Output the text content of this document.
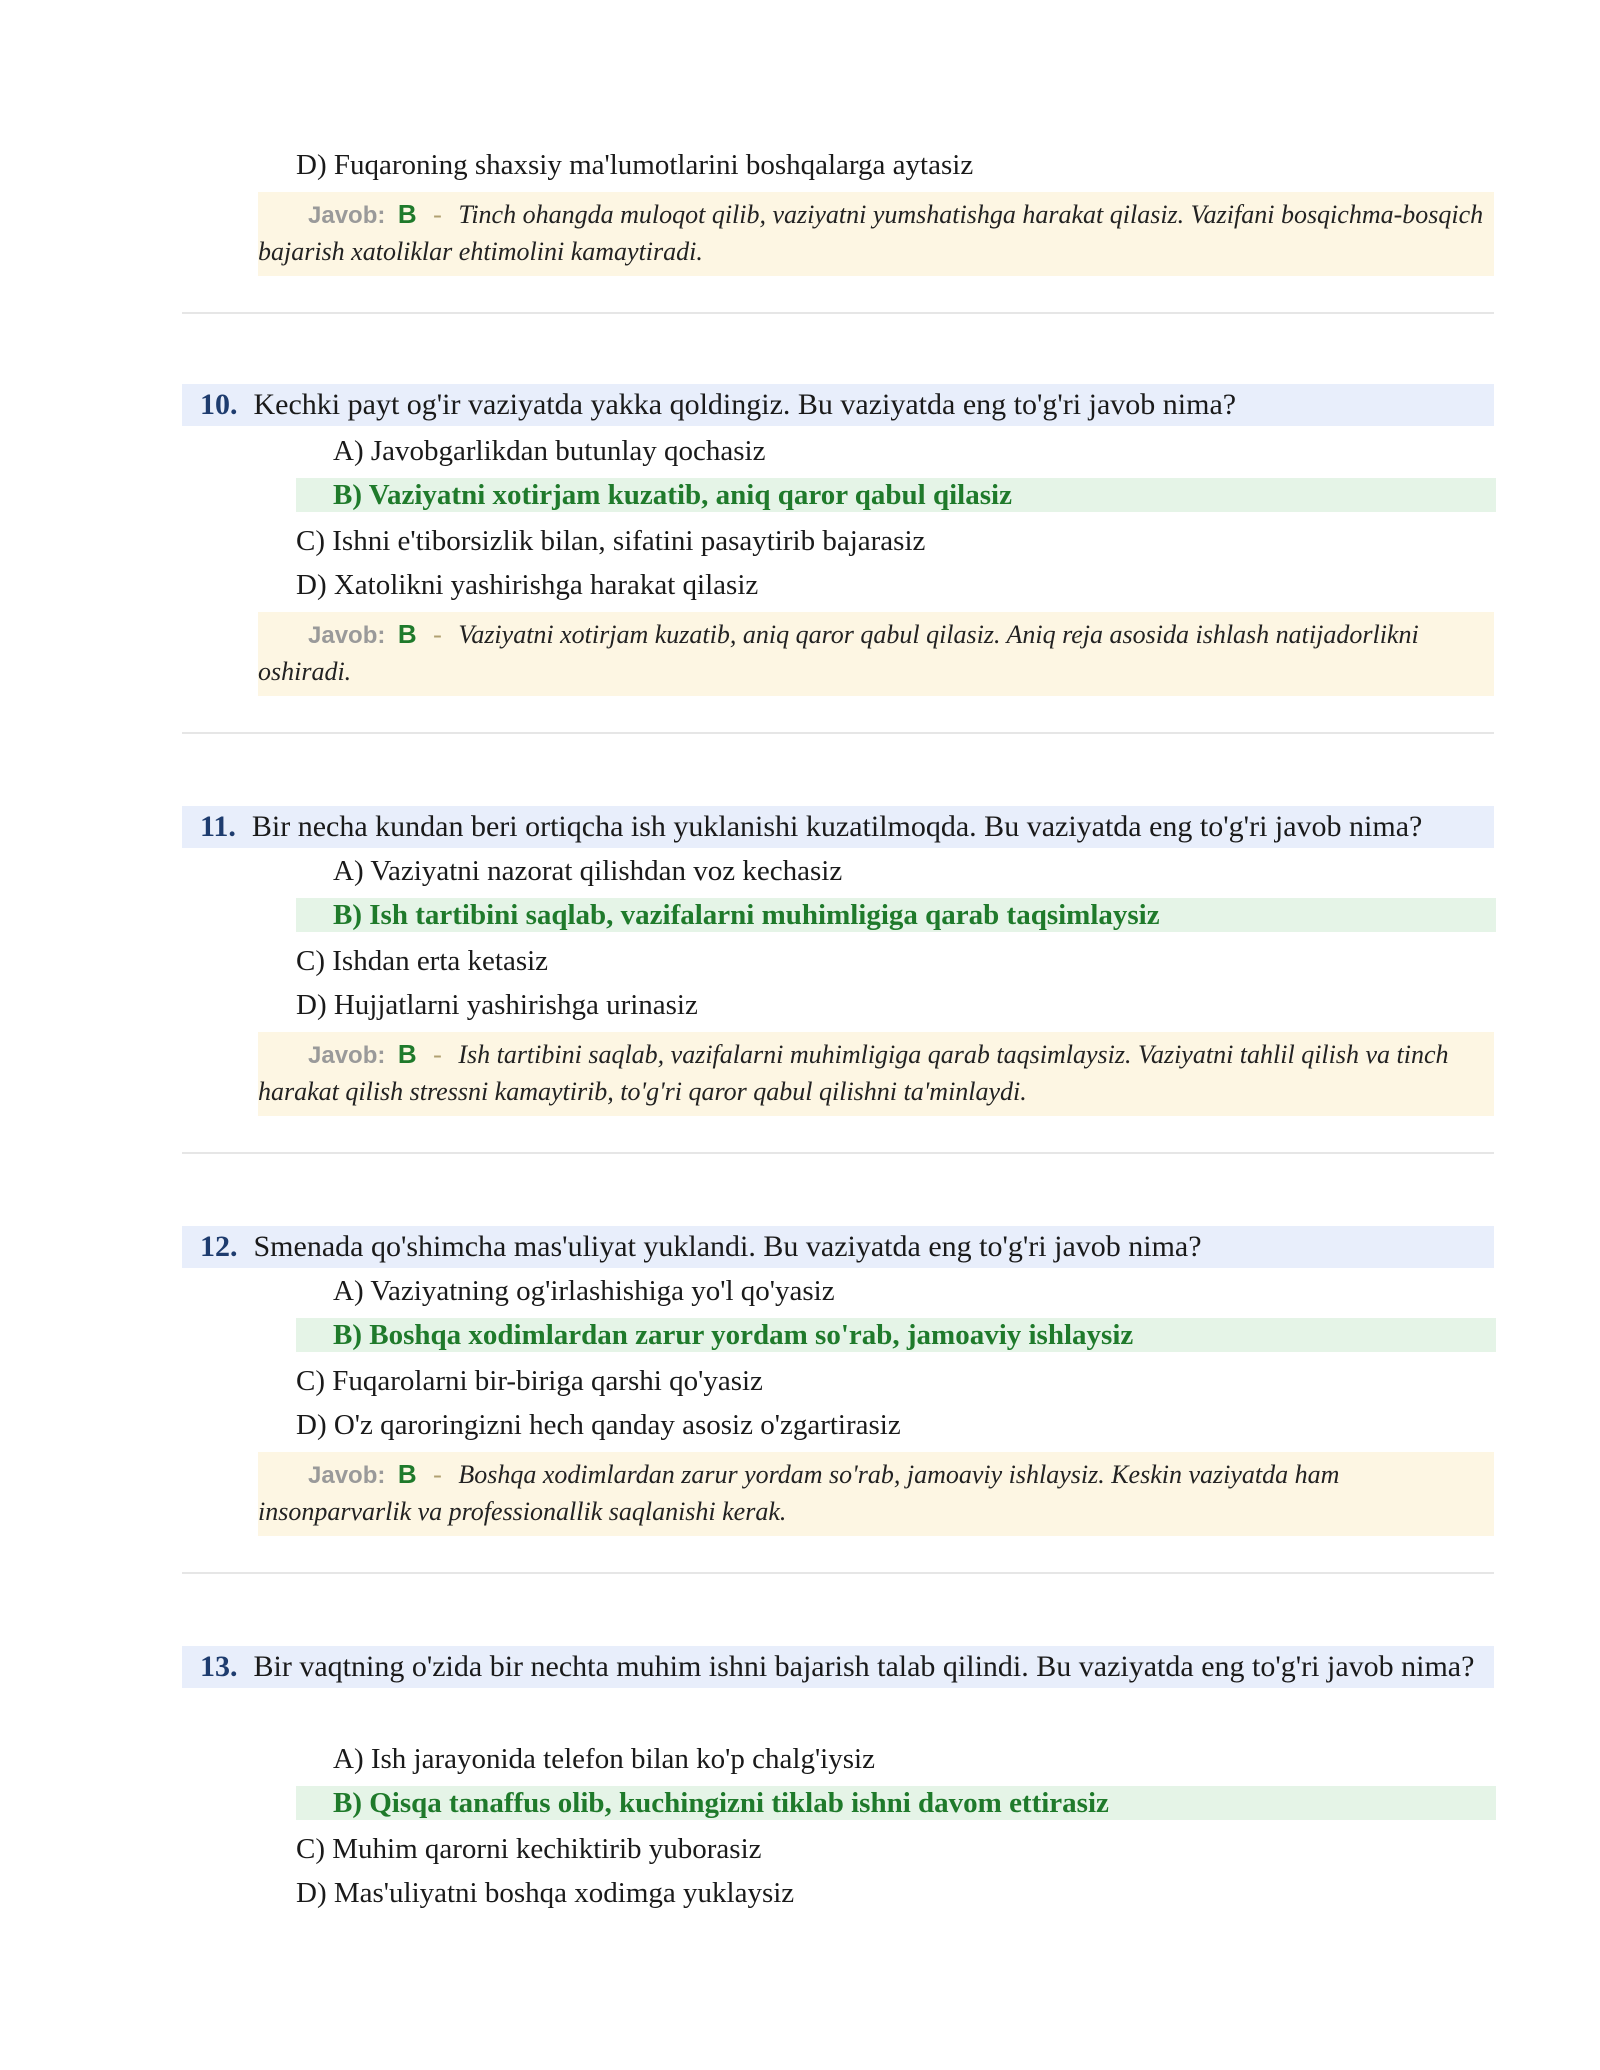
D) Fuqaroning shaxsiy ma'lumotlarini boshqalarga aytasiz
Javob: B - Tinch ohangda muloqot qilib, vaziyatni yumshatishga harakat qilasiz. Vazifani bosqichma-bosqich bajarish xatoliklar ehtimolini kamaytiradi.
10. Kechki payt og'ir vaziyatda yakka qoldingiz. Bu vaziyatda eng to'g'ri javob nima?
A) Javobgarlikdan butunlay qochasiz
B) Vaziyatni xotirjam kuzatib, aniq qaror qabul qilasiz
C) Ishni e'tiborsizlik bilan, sifatini pasaytirib bajarasiz
D) Xatolikni yashirishga harakat qilasiz
Javob: B - Vaziyatni xotirjam kuzatib, aniq qaror qabul qilasiz. Aniq reja asosida ishlash natijadorlikni oshiradi.
11. Bir necha kundan beri ortiqcha ish yuklanishi kuzatilmoqda. Bu vaziyatda eng to'g'ri javob nima?
A) Vaziyatni nazorat qilishdan voz kechasiz
B) Ish tartibini saqlab, vazifalarni muhimligiga qarab taqsimlaysiz
C) Ishdan erta ketasiz
D) Hujjatlarni yashirishga urinasiz
Javob: B - Ish tartibini saqlab, vazifalarni muhimligiga qarab taqsimlaysiz. Vaziyatni tahlil qilish va tinch harakat qilish stressni kamaytirib, to'g'ri qaror qabul qilishni ta'minlaydi.
12. Smenada qo'shimcha mas'uliyat yuklandi. Bu vaziyatda eng to'g'ri javob nima?
A) Vaziyatning og'irlashishiga yo'l qo'yasiz
B) Boshqa xodimlardan zarur yordam so'rab, jamoaviy ishlaysiz
C) Fuqarolarni bir-biriga qarshi qo'yasiz
D) O'z qaroringizni hech qanday asosiz o'zgartirasiz
Javob: B - Boshqa xodimlardan zarur yordam so'rab, jamoaviy ishlaysiz. Keskin vaziyatda ham insonparvarlik va professionallik saqlanishi kerak.
13. Bir vaqtning o'zida bir nechta muhim ishni bajarish talab qilindi. Bu vaziyatda eng to'g'ri javob nima?
A) Ish jarayonida telefon bilan ko'p chalg'iysiz
B) Qisqa tanaffus olib, kuchingizni tiklab ishni davom ettirasiz
C) Muhim qarorni kechiktirib yuborasiz
D) Mas'uliyatni boshqa xodimga yuklaysiz
